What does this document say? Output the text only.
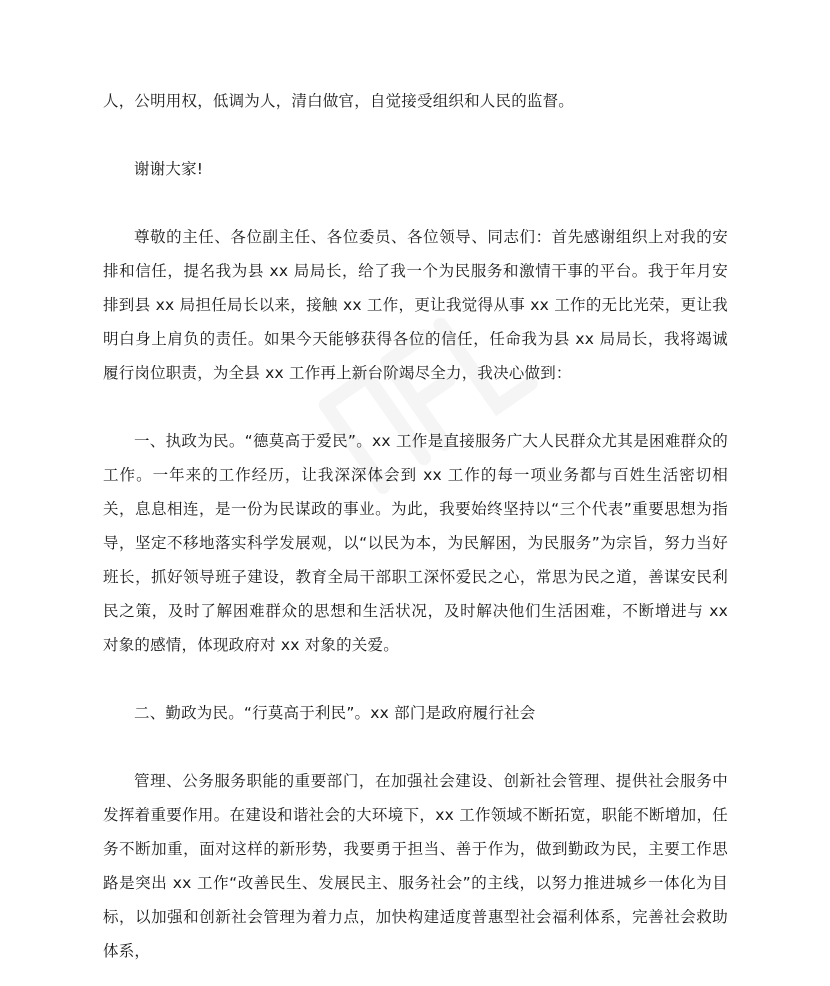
人，公明用权，低调为人，清白做官，自觉接受组织和人民的监督。

谢谢大家!

尊敬的主任、各位副主任、各位委员、各位领导、同志们：首先感谢组织上对我的安排和信任，提名我为县 xx 局局长，给了我一个为民服务和激情干事的平台。我于年月安排到县 xx 局担任局长以来，接触 xx 工作，更让我觉得从事 xx 工作的无比光荣，更让我明白身上肩负的责任。如果今天能够获得各位的信任，任命我为县 xx 局局长，我将竭诚履行岗位职责，为全县 xx 工作再上新台阶竭尽全力，我决心做到：

一、执政为民。“德莫高于爱民”。xx 工作是直接服务广大人民群众尤其是困难群众的工作。一年来的工作经历，让我深深体会到 xx 工作的每一项业务都与百姓生活密切相关，息息相连，是一份为民谋政的事业。为此，我要始终坚持以“三个代表”重要思想为指导，坚定不移地落实科学发展观，以“以民为本，为民解困，为民服务”为宗旨，努力当好班长，抓好领导班子建设，教育全局干部职工深怀爱民之心，常思为民之道，善谋安民利民之策，及时了解困难群众的思想和生活状况，及时解决他们生活困难，不断增进与 xx 对象的感情，体现政府对 xx 对象的关爱。

二、勤政为民。“行莫高于利民”。xx 部门是政府履行社会

管理、公务服务职能的重要部门，在加强社会建设、创新社会管理、提供社会服务中发挥着重要作用。在建设和谐社会的大环境下，xx 工作领域不断拓宽，职能不断增加，任务不断加重，面对这样的新形势，我要勇于担当、善于作为，做到勤政为民，主要工作思路是突出 xx 工作“改善民生、发展民主、服务社会”的主线，以努力推进城乡一体化为目标，以加强和创新社会管理为着力点，加快构建适度普惠型社会福利体系，完善社会救助体系，
